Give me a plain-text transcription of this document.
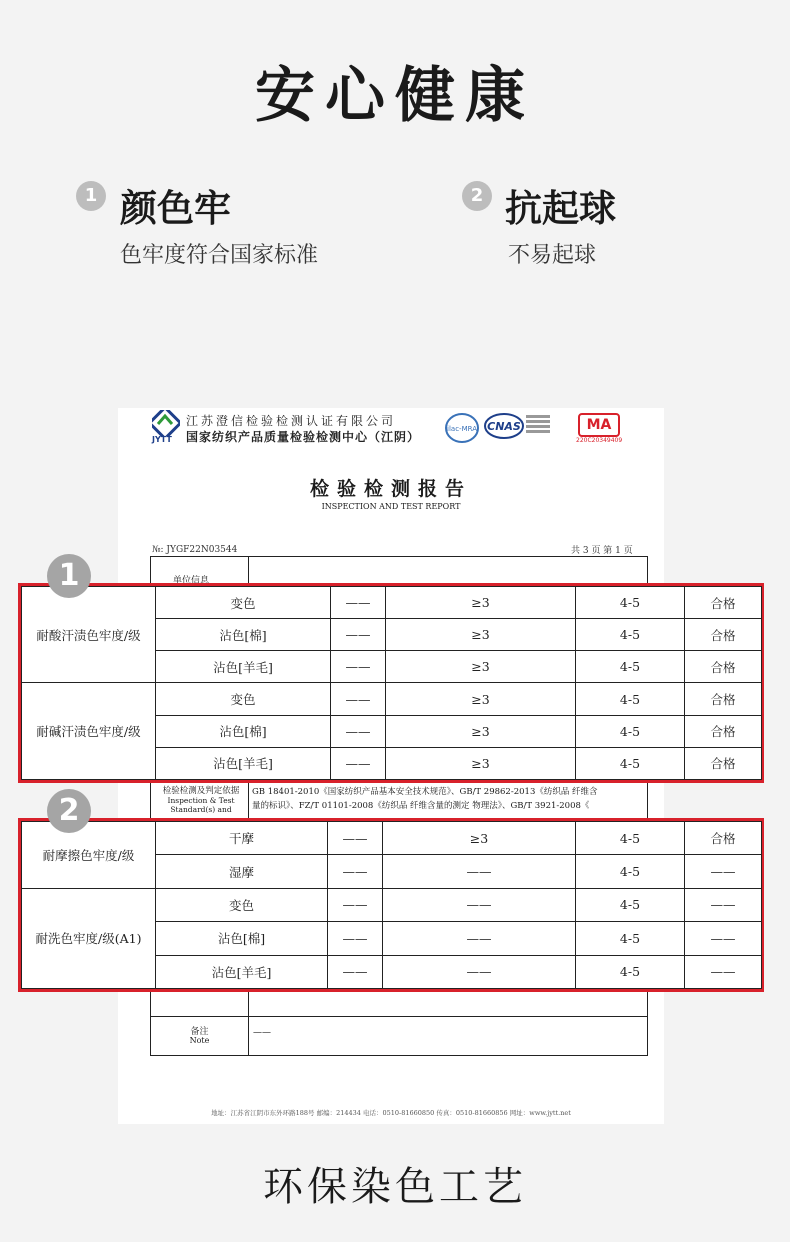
安心健康
1 颜色牢
色牢度符合国家标准
2 抗起球
不易起球
JYTT
江苏澄信检验检测认证有限公司
国家纺织产品质量检验检测中心（江阴）
ilac-MRA CNAS	MA
220C20349409
检验检测报告
INSPECTION AND TEST REPORT
№: JYGF22N03544	共 3 页 第 1 页
单位信息
检验检测及判定依据
Inspection & Test Standard(s) and
GB 18401-2010《国家纺织产品基本安全技术规范》、GB/T 29862-2013《纺织品 纤维含
量的标识》、FZ/T 01101-2008《纺织品 纤维含量的测定 物理法》、GB/T 3921-2008《
备注
Note
——
地址：江苏省江阴市东外环路188号 邮编：214434 电话：0510-81660850 传真：0510-81660856 网址：www.jytt.net
耐酸汗渍色牢度/级	变色	——	≥3	4-5	合格
	沾色[棉]	——	≥3	4-5	合格
	沾色[羊毛]	——	≥3	4-5	合格
耐碱汗渍色牢度/级	变色	——	≥3	4-5	合格
	沾色[棉]	——	≥3	4-5	合格
	沾色[羊毛]	——	≥3	4-5	合格
1
耐摩擦色牢度/级	干摩	——	≥3	4-5	合格
	湿摩	——	——	4-5	——
耐洗色牢度/级(A1)	变色	——	——	4-5	——
	沾色[棉]	——	——	4-5	——
	沾色[羊毛]	——	——	4-5	——
2
环保染色工艺
